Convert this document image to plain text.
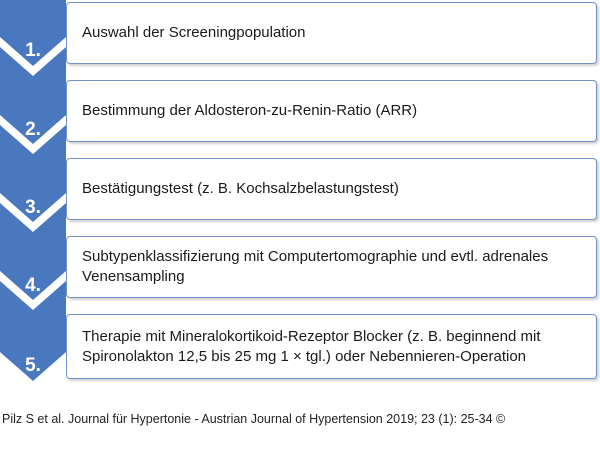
1.
2.
3.
4.
5.
Auswahl der Screeningpopulation
Bestimmung der Aldosteron-zu-Renin-Ratio (ARR)
Bestätigungstest (z. B. Kochsalzbelastungstest)
Subtypenklassifizierung mit Computertomographie und evtl. adrenales Venensampling
Therapie mit Mineralokortikoid-Rezeptor Blocker (z. B. beginnend mit Spironolakton 12,5 bis 25 mg 1 × tgl.) oder Nebennieren-Operation
Pilz S et al. Journal für Hypertonie - Austrian Journal of Hypertension 2019; 23 (1): 25-34 ©
